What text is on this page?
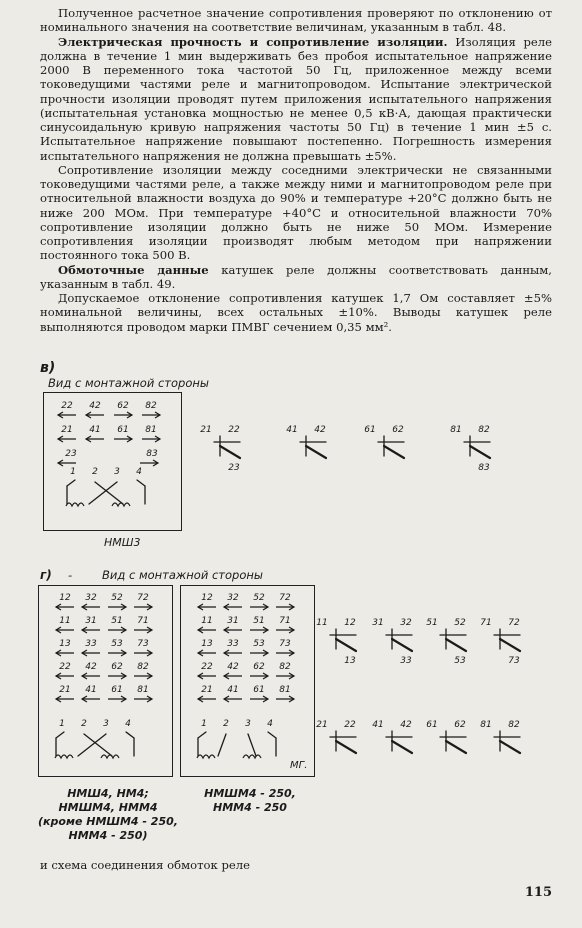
Полученное расчетное значение сопротивления проверяют по отклонению от номинального значения на соответствие величинам, указанным в табл. 48.

Электрическая прочность и сопротивление изоляции. Изоляция реле должна в течение 1 мин выдерживать без пробоя испытательное напряжение 2000 В переменного тока частотой 50 Гц, приложенное между всеми токоведущими частями реле и магнитопроводом. Испытание электрической прочности изоляции проводят путем приложения испытательного напряжения (испытательная установка мощностью не менее 0,5 кВ·А, дающая практически синусоидальную кривую напряжения частоты 50 Гц) в течение 1 мин ±5 с. Испытательное напряжение повышают постепенно. Погрешность измерения испытательного напряжения не должна превышать ±5%.

Сопротивление изоляции между соседними электрически не связанными токоведущими частями реле, а также между ними и магнитопроводом реле при относительной влажности воздуха до 90% и температуре +20°С должно быть не ниже 200 МОм. При температуре +40°С и относительной влажности 70% сопротивление изоляции должно быть не ниже 50 МОм. Измерение сопротивления изоляции производят любым методом при напряжении постоянного тока 500 В.

Обмоточные данные катушек реле должны соответствовать данным, указанным в табл. 49.

Допускаемое отклонение сопротивления катушек 1,7 Ом составляет ±5% номинальной величины, всех остальных ±10%. Выводы катушек реле выполняются проводом марки ПМВГ сечением 0,35 мм².

в)
Вид с монтажной стороны
22 42 62 82
21 41 61 81
23	83
1 2 3 4
21 22
23
41 42	61 62	81 82
83
НМШ3
г) -	Вид с монтажной стороны
12 32 52 72
11 31 51 71
13 33 53 73
22 42 62 82
21 41 61 81
1 2 3 4
12 32 52 72
11 31 51 71
13 33 53 73
22 42 62 82
21 41 61 81
1 2 3 4
11 12
13
31 32
33
51 52
53
71 72
73
21 22 41 42 61 62 81 82
МГ.
НМШ4, НМ4;
НМШМ4, НММ4
(кроме НМШМ4 - 250,
НММ4 - 250)
НМШМ4 - 250,
НММ4 - 250
и схема соединения обмоток реле
115
